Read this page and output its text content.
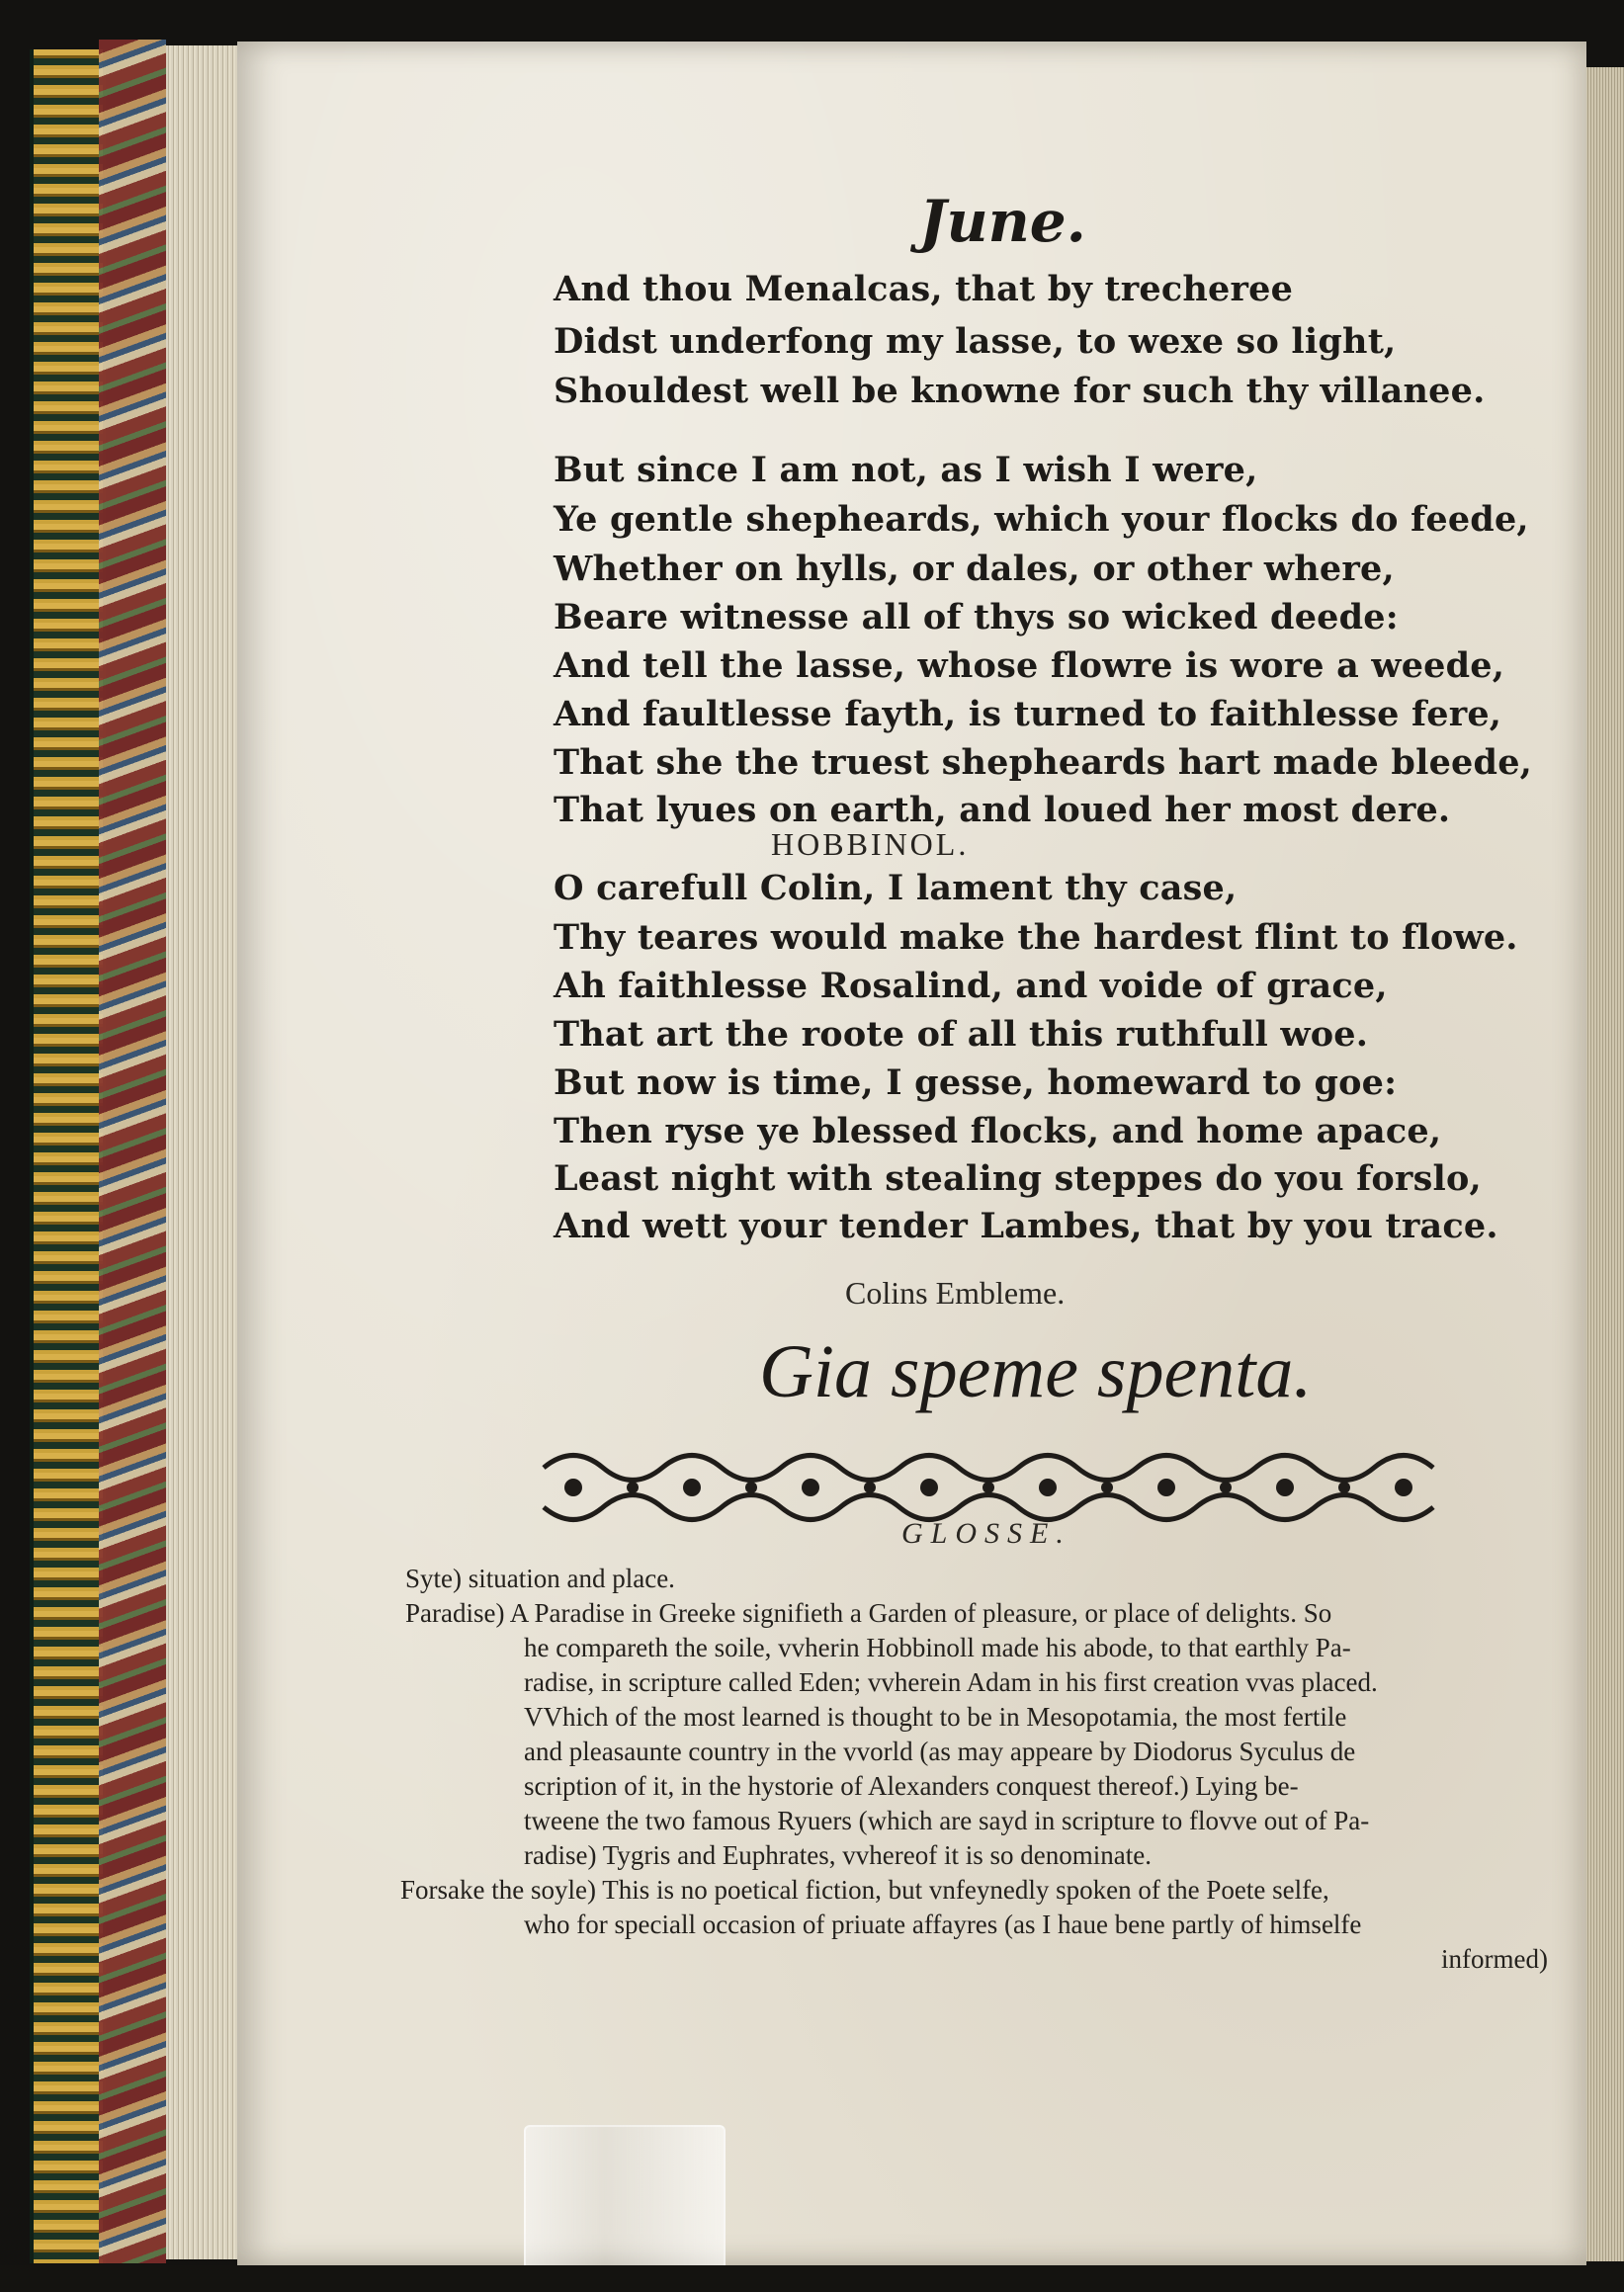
​	June.
And thou Menalcas, that by trecheree
Didst underfong my lasse, to wexe so light,
Shouldest well be knowne for such thy villanee.
But since I am not, as I wish I were,
Ye gentle shepheards, which your flocks do feede,
Whether on hylls, or dales, or other where,
Beare witnesse all of thys so wicked deede:
And tell the lasse, whose flowre is wore a weede,
And faultlesse fayth, is turned to faithlesse fere,
That she the truest shepheards hart made bleede,
That lyues on earth, and loued her most dere.
HOBBINOL.
O carefull Colin, I lament thy case,
Thy teares would make the hardest flint to flowe.
Ah faithlesse Rosalind, and voide of grace,
That art the roote of all this ruthfull woe.
But now is time, I gesse, homeward to goe:
Then ryse ye blessed flocks, and home apace,
Least night with stealing steppes do you forslo,
And wett your tender Lambes, that by you trace.
Colins Embleme.
Gia speme spenta.
GLOSSE.
Syte) situation and place.
Paradise) A Paradise in Greeke signifieth a Garden of pleasure, or place of delights. So
he compareth the soile, vvherin Hobbinoll made his abode, to that earthly Pa-
radise, in scripture called Eden; vvherein Adam in his first creation vvas placed.
VVhich of the most learned is thought to be in Mesopotamia, the most fertile
and pleasaunte country in the vvorld (as may appeare by Diodorus Syculus de
scription of it, in the hystorie of Alexanders conquest thereof.) Lying be-
tweene the two famous Ryuers (which are sayd in scripture to flovve out of Pa-
radise) Tygris and Euphrates, vvhereof it is so denominate.
Forsake the soyle) This is no poetical fiction, but vnfeynedly spoken of the Poete selfe,
who for speciall occasion of priuate affayres (as I haue bene partly of himselfe
informed)
